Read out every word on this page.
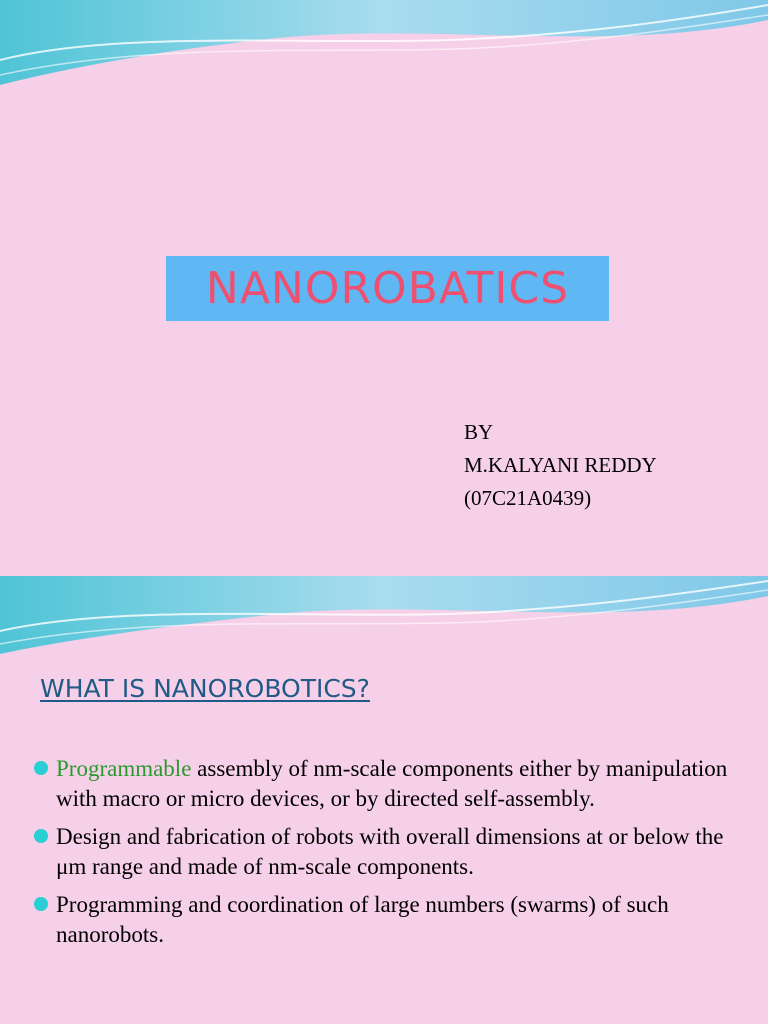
NANOROBATICS
BY
M.KALYANI REDDY
(07C21A0439)
WHAT IS NANOROBOTICS?
Programmable assembly of nm-scale components either by manipulation with macro or micro devices, or by directed self-assembly.
Design and fabrication of robots with overall dimensions at or below the μm range and made of nm-scale components.
Programming and coordination of large numbers (swarms) of such nanorobots.
